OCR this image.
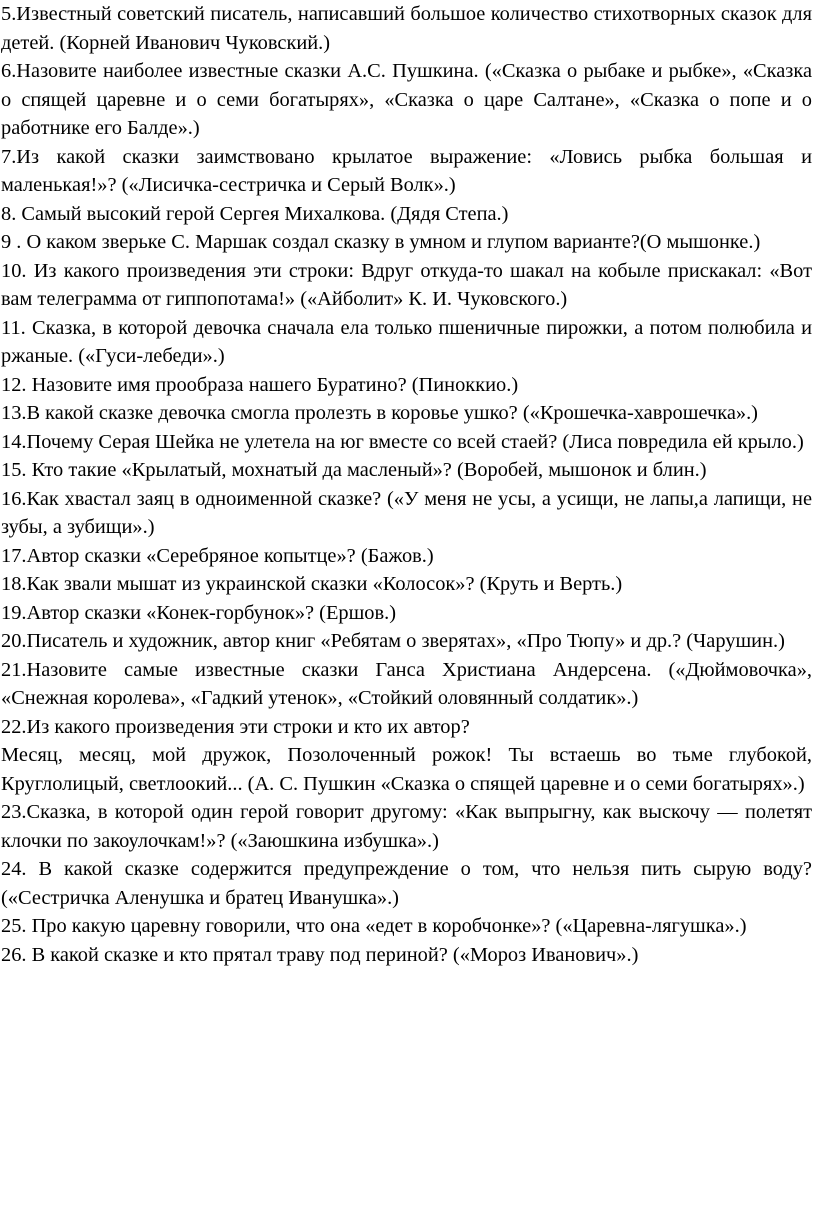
5.Известный советский писатель, написавший большое количество стихотворных сказок для детей. (Корней Иванович Чуковский.)

6.Назовите наиболее известные сказки А.С. Пушкина. («Сказка о рыбаке и рыбке», «Сказка о спящей царевне и о семи богатырях», «Сказка о царе Салтане», «Сказка о попе и о работнике его Балде».)

7.Из какой сказки заимствовано крылатое выражение: «Ловись рыбка большая и маленькая!»? («Лисичка-сестричка и Серый Волк».)

8. Самый высокий герой Сергея Михалкова. (Дядя Степа.)

9 . О каком зверьке С. Маршак создал сказку в умном и глупом варианте?(О мышонке.)

10. Из какого произведения эти строки: Вдруг откуда-то шакал на кобыле прискакал: «Вот вам телеграмма от гиппопотама!» («Айболит» К. И. Чуковского.)

11. Сказка, в которой девочка сначала ела только пшеничные пирожки, а потом полюбила и ржаные. («Гуси-лебеди».)

12. Назовите имя прообраза нашего Буратино? (Пиноккио.)

13.В какой сказке девочка смогла пролезть в коровье ушко? («Крошечка-хаврошечка».)

14.Почему Серая Шейка не улетела на юг вместе со всей стаей? (Лиса повредила ей крыло.)

15. Кто такие «Крылатый, мохнатый да масленый»? (Воробей, мышонок и блин.)

16.Как хвастал заяц в одноименной сказке? («У меня не усы, а усищи, не лапы,а лапищи, не зубы, а зубищи».)

17.Автор сказки «Серебряное копытце»? (Бажов.)

18.Как звали мышат из украинской сказки «Колосок»? (Круть и Верть.)

19.Автор сказки «Конек-горбунок»? (Ершов.)

20.Писатель и художник, автор книг «Ребятам о зверятах», «Про Тюпу» и др.? (Чарушин.)

21.Назовите самые известные сказки Ганса Христиана Андерсена. («Дюймовочка», «Снежная королева», «Гадкий утенок», «Стойкий оловянный солдатик».)

22.Из какого произведения эти строки и кто их автор?

Месяц, месяц, мой дружок, Позолоченный рожок! Ты встаешь во тьме глубокой, Круглолицый, светлоокий... (А. С. Пушкин «Сказка о спящей царевне и о семи богатырях».)

23.Сказка, в которой один герой говорит другому: «Как выпрыгну, как выскочу — полетят клочки по закоулочкам!»? («Заюшкина избушка».)

24. В какой сказке содержится предупреждение о том, что нельзя пить сырую воду? («Сестричка Аленушка и братец Иванушка».)

25. Про какую царевну говорили, что она «едет в коробчонке»? («Царевна-лягушка».)

26. В какой сказке и кто прятал траву под периной? («Мороз Иванович».)
